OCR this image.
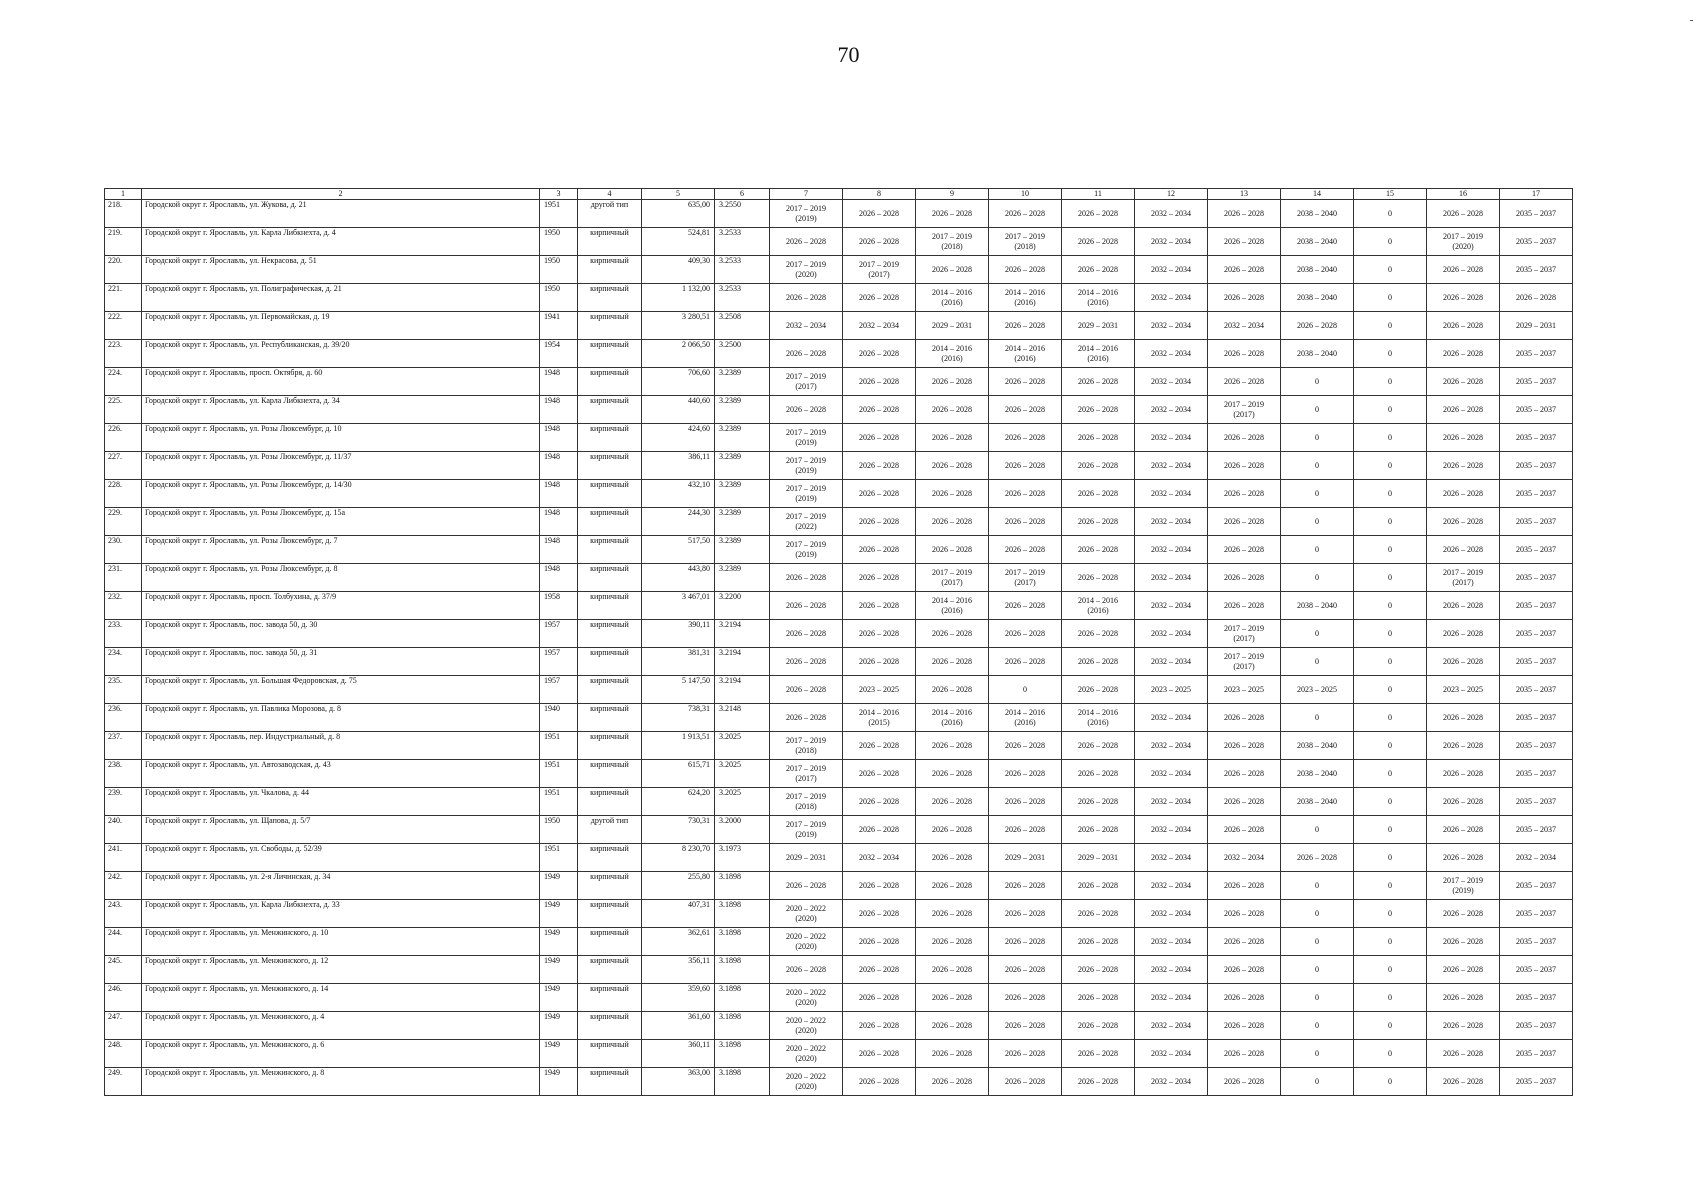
70
1	2	3	4	5	6	7	8	9	10	11	12	13	14	15	16	17
218.	Городской округ г. Ярославль, ул. Жукова, д. 21	1951	другой тип	635,00	3.2550	2017 – 2019
(2019)	2026 – 2028	2026 – 2028	2026 – 2028	2026 – 2028	2032 – 2034	2026 – 2028	2038 – 2040	0	2026 – 2028	2035 – 2037
219.	Городской округ г. Ярославль, ул. Карла Либкнехта, д. 4	1950	кирпичный	524,81	3.2533	2026 – 2028	2026 – 2028	2017 – 2019
(2018)	2017 – 2019
(2018)	2026 – 2028	2032 – 2034	2026 – 2028	2038 – 2040	0	2017 – 2019
(2020)	2035 – 2037
220.	Городской округ г. Ярославль, ул. Некрасова, д. 51	1950	кирпичный	409,30	3.2533	2017 – 2019
(2020)	2017 – 2019
(2017)	2026 – 2028	2026 – 2028	2026 – 2028	2032 – 2034	2026 – 2028	2038 – 2040	0	2026 – 2028	2035 – 2037
221.	Городской округ г. Ярославль, ул. Полиграфическая, д. 21	1950	кирпичный	1 132,00	3.2533	2026 – 2028	2026 – 2028	2014 – 2016
(2016)	2014 – 2016
(2016)	2014 – 2016
(2016)	2032 – 2034	2026 – 2028	2038 – 2040	0	2026 – 2028	2026 – 2028
222.	Городской округ г. Ярославль, ул. Первомайская, д. 19	1941	кирпичный	3 280,51	3.2508	2032 – 2034	2032 – 2034	2029 – 2031	2026 – 2028	2029 – 2031	2032 – 2034	2032 – 2034	2026 – 2028	0	2026 – 2028	2029 – 2031
223.	Городской округ г. Ярославль, ул. Республиканская, д. 39/20	1954	кирпичный	2 066,50	3.2500	2026 – 2028	2026 – 2028	2014 – 2016
(2016)	2014 – 2016
(2016)	2014 – 2016
(2016)	2032 – 2034	2026 – 2028	2038 – 2040	0	2026 – 2028	2035 – 2037
224.	Городской округ г. Ярославль, просп. Октября, д. 60	1948	кирпичный	706,60	3.2389	2017 – 2019
(2017)	2026 – 2028	2026 – 2028	2026 – 2028	2026 – 2028	2032 – 2034	2026 – 2028	0	0	2026 – 2028	2035 – 2037
225.	Городской округ г. Ярославль, ул. Карла Либкнехта, д. 34	1948	кирпичный	440,60	3.2389	2026 – 2028	2026 – 2028	2026 – 2028	2026 – 2028	2026 – 2028	2032 – 2034	2017 – 2019
(2017)	0	0	2026 – 2028	2035 – 2037
226.	Городской округ г. Ярославль, ул. Розы Люксембург, д. 10	1948	кирпичный	424,60	3.2389	2017 – 2019
(2019)	2026 – 2028	2026 – 2028	2026 – 2028	2026 – 2028	2032 – 2034	2026 – 2028	0	0	2026 – 2028	2035 – 2037
227.	Городской округ г. Ярославль, ул. Розы Люксембург, д. 11/37	1948	кирпичный	386,11	3.2389	2017 – 2019
(2019)	2026 – 2028	2026 – 2028	2026 – 2028	2026 – 2028	2032 – 2034	2026 – 2028	0	0	2026 – 2028	2035 – 2037
228.	Городской округ г. Ярославль, ул. Розы Люксембург, д. 14/30	1948	кирпичный	432,10	3.2389	2017 – 2019
(2019)	2026 – 2028	2026 – 2028	2026 – 2028	2026 – 2028	2032 – 2034	2026 – 2028	0	0	2026 – 2028	2035 – 2037
229.	Городской округ г. Ярославль, ул. Розы Люксембург, д. 15а	1948	кирпичный	244,30	3.2389	2017 – 2019
(2022)	2026 – 2028	2026 – 2028	2026 – 2028	2026 – 2028	2032 – 2034	2026 – 2028	0	0	2026 – 2028	2035 – 2037
230.	Городской округ г. Ярославль, ул. Розы Люксембург, д. 7	1948	кирпичный	517,50	3.2389	2017 – 2019
(2019)	2026 – 2028	2026 – 2028	2026 – 2028	2026 – 2028	2032 – 2034	2026 – 2028	0	0	2026 – 2028	2035 – 2037
231.	Городской округ г. Ярославль, ул. Розы Люксембург, д. 8	1948	кирпичный	443,80	3.2389	2026 – 2028	2026 – 2028	2017 – 2019
(2017)	2017 – 2019
(2017)	2026 – 2028	2032 – 2034	2026 – 2028	0	0	2017 – 2019
(2017)	2035 – 2037
232.	Городской округ г. Ярославль, просп. Толбухина, д. 37/9	1958	кирпичный	3 467,01	3.2200	2026 – 2028	2026 – 2028	2014 – 2016
(2016)	2026 – 2028	2014 – 2016
(2016)	2032 – 2034	2026 – 2028	2038 – 2040	0	2026 – 2028	2035 – 2037
233.	Городской округ г. Ярославль, пос. завода 50, д. 30	1957	кирпичный	390,11	3.2194	2026 – 2028	2026 – 2028	2026 – 2028	2026 – 2028	2026 – 2028	2032 – 2034	2017 – 2019
(2017)	0	0	2026 – 2028	2035 – 2037
234.	Городской округ г. Ярославль, пос. завода 50, д. 31	1957	кирпичный	381,31	3.2194	2026 – 2028	2026 – 2028	2026 – 2028	2026 – 2028	2026 – 2028	2032 – 2034	2017 – 2019
(2017)	0	0	2026 – 2028	2035 – 2037
235.	Городской округ г. Ярославль, ул. Большая Федоровская, д. 75	1957	кирпичный	5 147,50	3.2194	2026 – 2028	2023 – 2025	2026 – 2028	0	2026 – 2028	2023 – 2025	2023 – 2025	2023 – 2025	0	2023 – 2025	2035 – 2037
236.	Городской округ г. Ярославль, ул. Павлика Морозова, д. 8	1940	кирпичный	738,31	3.2148	2026 – 2028	2014 – 2016
(2015)	2014 – 2016
(2016)	2014 – 2016
(2016)	2014 – 2016
(2016)	2032 – 2034	2026 – 2028	0	0	2026 – 2028	2035 – 2037
237.	Городской округ г. Ярославль, пер. Индустриальный, д. 8	1951	кирпичный	1 913,51	3.2025	2017 – 2019
(2018)	2026 – 2028	2026 – 2028	2026 – 2028	2026 – 2028	2032 – 2034	2026 – 2028	2038 – 2040	0	2026 – 2028	2035 – 2037
238.	Городской округ г. Ярославль, ул. Автозаводская, д. 43	1951	кирпичный	615,71	3.2025	2017 – 2019
(2017)	2026 – 2028	2026 – 2028	2026 – 2028	2026 – 2028	2032 – 2034	2026 – 2028	2038 – 2040	0	2026 – 2028	2035 – 2037
239.	Городской округ г. Ярославль, ул. Чкалова, д. 44	1951	кирпичный	624,20	3.2025	2017 – 2019
(2018)	2026 – 2028	2026 – 2028	2026 – 2028	2026 – 2028	2032 – 2034	2026 – 2028	2038 – 2040	0	2026 – 2028	2035 – 2037
240.	Городской округ г. Ярославль, ул. Щапова, д. 5/7	1950	другой тип	730,31	3.2000	2017 – 2019
(2019)	2026 – 2028	2026 – 2028	2026 – 2028	2026 – 2028	2032 – 2034	2026 – 2028	0	0	2026 – 2028	2035 – 2037
241.	Городской округ г. Ярославль, ул. Свободы, д. 52/39	1951	кирпичный	8 230,70	3.1973	2029 – 2031	2032 – 2034	2026 – 2028	2029 – 2031	2029 – 2031	2032 – 2034	2032 – 2034	2026 – 2028	0	2026 – 2028	2032 – 2034
242.	Городской округ г. Ярославль, ул. 2-я Личинская, д. 34	1949	кирпичный	255,80	3.1898	2026 – 2028	2026 – 2028	2026 – 2028	2026 – 2028	2026 – 2028	2032 – 2034	2026 – 2028	0	0	2017 – 2019
(2019)	2035 – 2037
243.	Городской округ г. Ярославль, ул. Карла Либкнехта, д. 33	1949	кирпичный	407,31	3.1898	2020 – 2022
(2020)	2026 – 2028	2026 – 2028	2026 – 2028	2026 – 2028	2032 – 2034	2026 – 2028	0	0	2026 – 2028	2035 – 2037
244.	Городской округ г. Ярославль, ул. Менжинского, д. 10	1949	кирпичный	362,61	3.1898	2020 – 2022
(2020)	2026 – 2028	2026 – 2028	2026 – 2028	2026 – 2028	2032 – 2034	2026 – 2028	0	0	2026 – 2028	2035 – 2037
245.	Городской округ г. Ярославль, ул. Менжинского, д. 12	1949	кирпичный	356,11	3.1898	2026 – 2028	2026 – 2028	2026 – 2028	2026 – 2028	2026 – 2028	2032 – 2034	2026 – 2028	0	0	2026 – 2028	2035 – 2037
246.	Городской округ г. Ярославль, ул. Менжинского, д. 14	1949	кирпичный	359,60	3.1898	2020 – 2022
(2020)	2026 – 2028	2026 – 2028	2026 – 2028	2026 – 2028	2032 – 2034	2026 – 2028	0	0	2026 – 2028	2035 – 2037
247.	Городской округ г. Ярославль, ул. Менжинского, д. 4	1949	кирпичный	361,60	3.1898	2020 – 2022
(2020)	2026 – 2028	2026 – 2028	2026 – 2028	2026 – 2028	2032 – 2034	2026 – 2028	0	0	2026 – 2028	2035 – 2037
248.	Городской округ г. Ярославль, ул. Менжинского, д. 6	1949	кирпичный	360,11	3.1898	2020 – 2022
(2020)	2026 – 2028	2026 – 2028	2026 – 2028	2026 – 2028	2032 – 2034	2026 – 2028	0	0	2026 – 2028	2035 – 2037
249.	Городской округ г. Ярославль, ул. Менжинского, д. 8	1949	кирпичный	363,00	3.1898	2020 – 2022
(2020)	2026 – 2028	2026 – 2028	2026 – 2028	2026 – 2028	2032 – 2034	2026 – 2028	0	0	2026 – 2028	2035 – 2037
